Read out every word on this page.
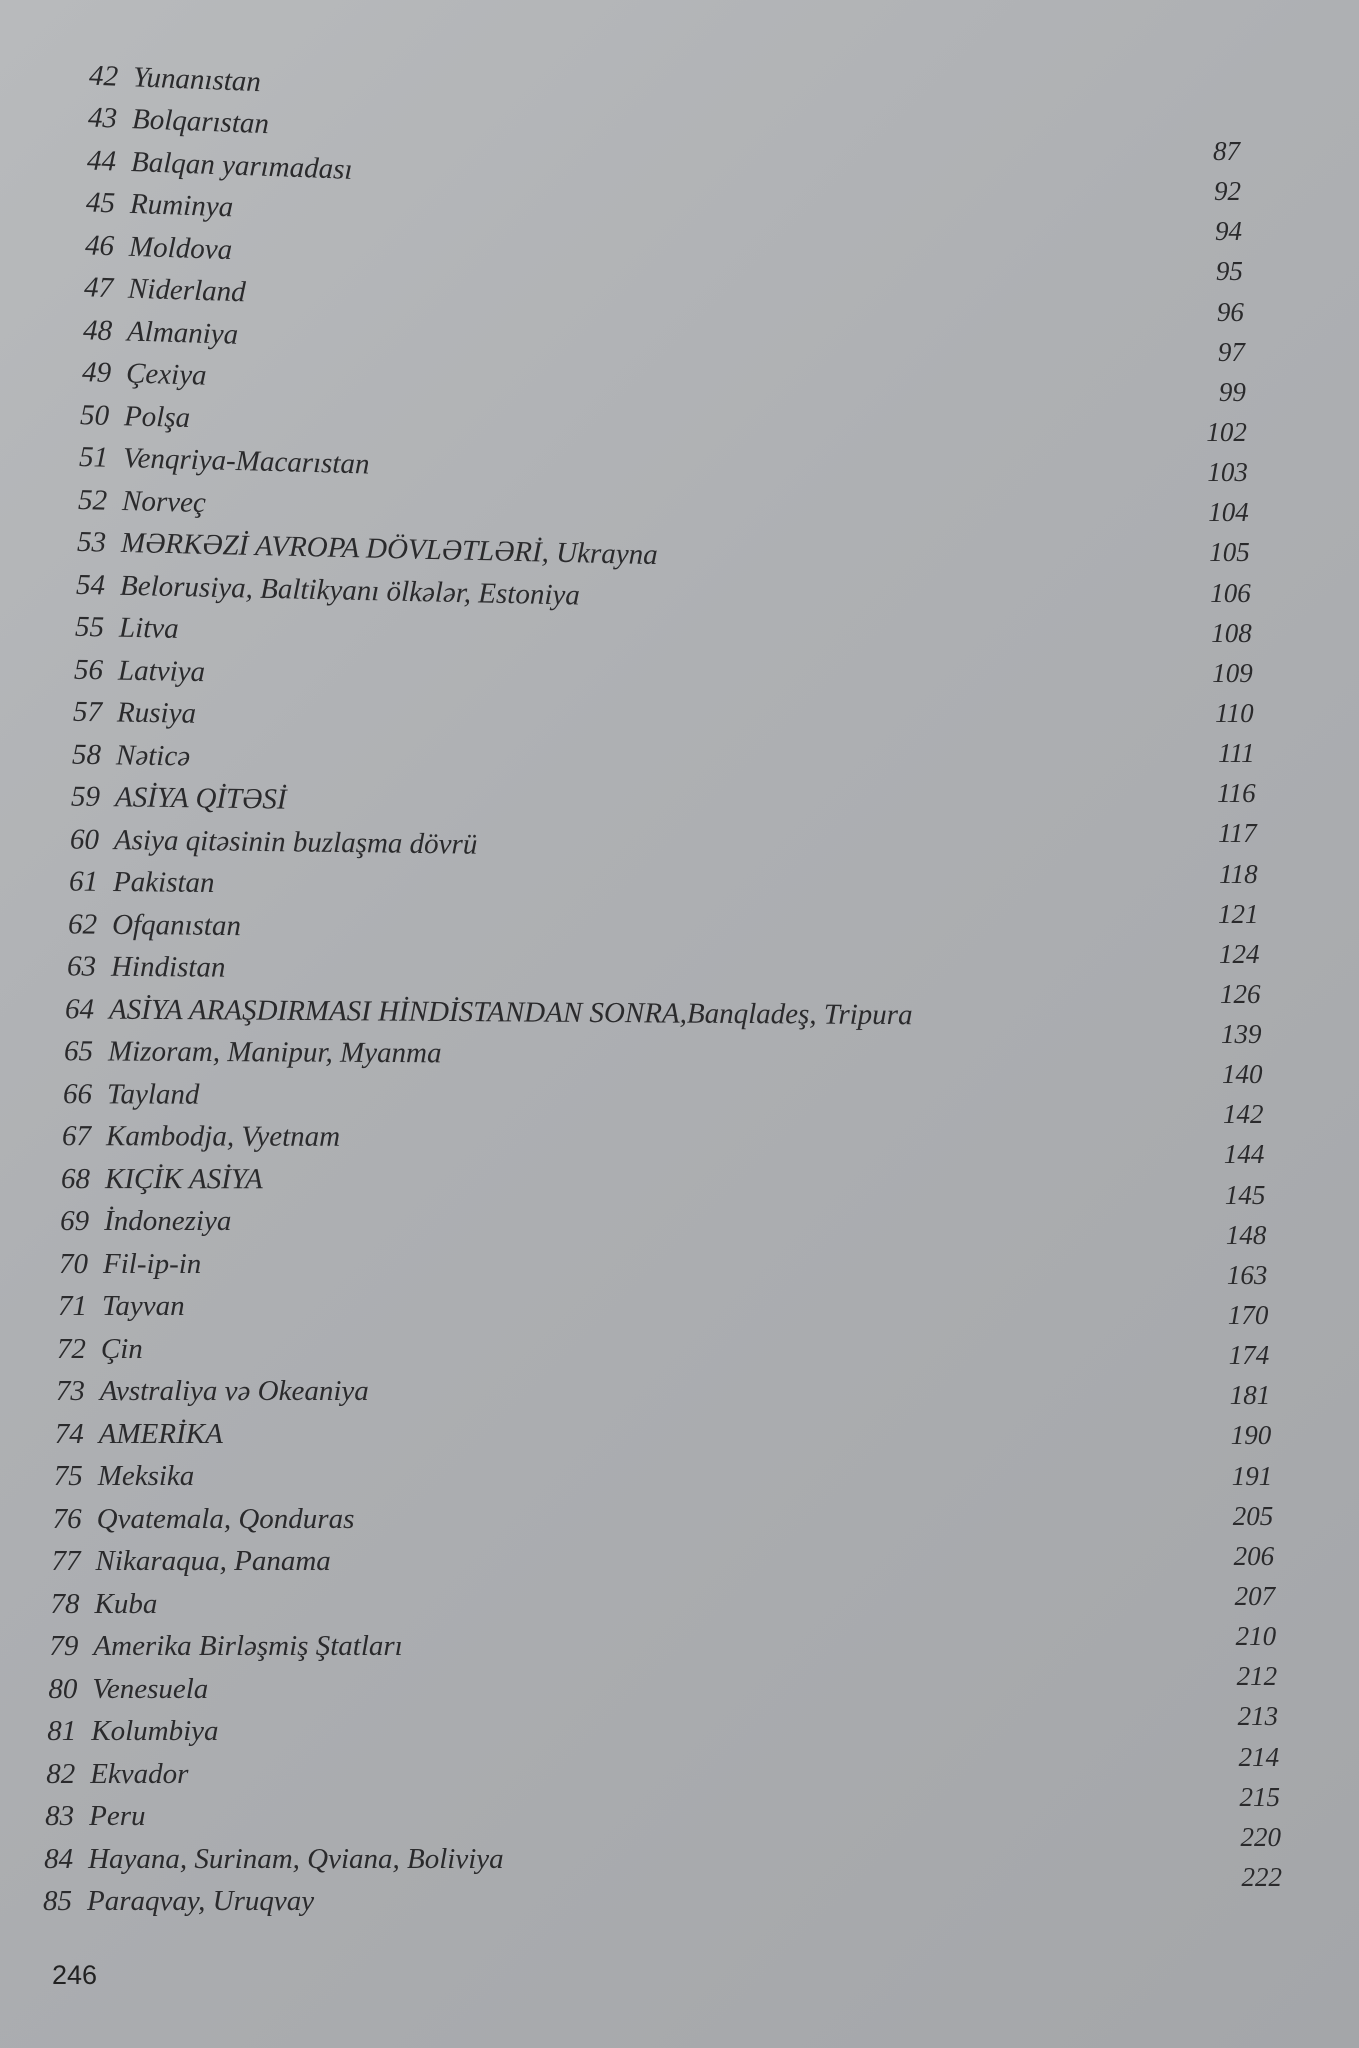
42 Yunanıstan
43 Bolqarıstan
44 Balqan yarımadası
45 Ruminya
46 Moldova
47 Niderland
48 Almaniya
49 Çexiya
50 Polşa
51 Venqriya-Macarıstan
52 Norveç
53 MƏRKƏZİ AVROPA DÖVLƏTLƏRİ, Ukrayna
54 Belorusiya, Baltikyanı ölkələr, Estoniya
55 Litva
56 Latviya
57 Rusiya
58 Nəticə
59 ASİYA QİTƏSİ
60 Asiya qitəsinin buzlaşma dövrü
61 Pakistan
62 Ofqanıstan
63 Hindistan
64 ASİYA ARAŞDIRMASI HİNDİSTANDAN SONRA,Banqladeş, Tripura
65 Mizoram, Manipur, Myanma
66 Tayland
67 Kambodja, Vyetnam
68 KIÇİK ASİYA
69 İndoneziya
70 Fil-ip-in
71 Tayvan
72 Çin
73 Avstraliya və Okeaniya
74 AMERİKA
75 Meksika
76 Qvatemala, Qonduras
77 Nikaraqua, Panama
78 Kuba
79 Amerika Birləşmiş Ştatları
80 Venesuela
81 Kolumbiya
82 Ekvador
83 Peru
84 Hayana, Surinam, Qviana, Boliviya
85 Paraqvay, Uruqvay
87
92
94
95
96
97
99
102
103
104
105
106
108
109
110
111
116
117
118
121
124
126
139
140
142
144
145
148
163
170
174
181
190
191
205
206
207
210
212
213
214
215
220
222
246
